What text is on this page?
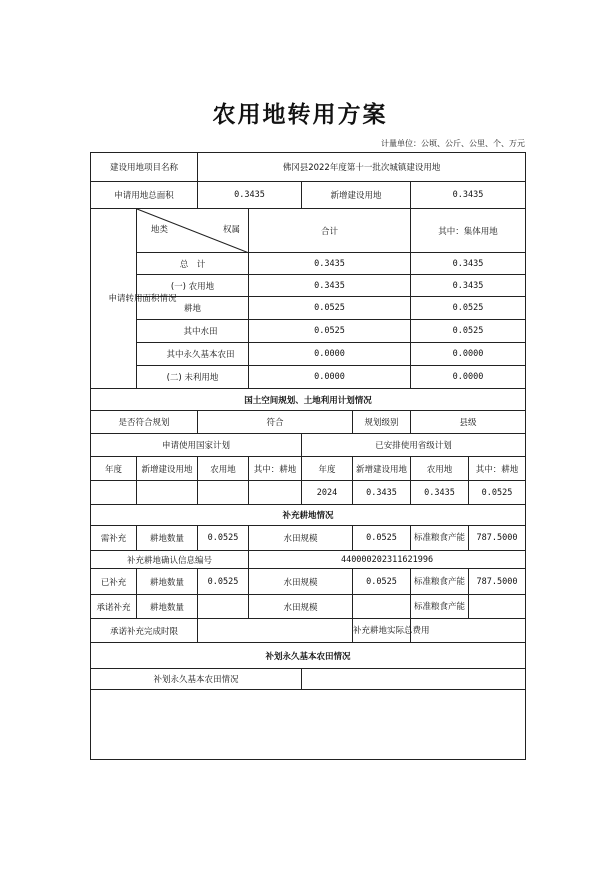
农用地转用方案
计量单位：公顷、公斤、公里、个、万元
建设用地项目名称		佛冈县2022年度第十一批次城镇建设用地					
申请用地总面积		0.3435		新增建设用地		0.3435	

申请转用面积情况	地类 权属		合计			其中：集体用地	
	总　计		0.3435			0.3435	
	(一) 农用地		0.3435			0.3435	
	耕地		0.0525			0.0525	
	其中水田		0.0525			0.0525	
	其中永久基本农田		0.0000			0.0000	
	(二) 未利用地		0.0000			0.0000	
国土空间规划、土地利用计划情况							
是否符合规划		符合			规划级别	县级	
申请使用国家计划				已安排使用省级计划			
年度	新增建设用地	农用地	其中：耕地	年度	新增建设用地	农用地	其中：耕地
				2024	0.3435	0.3435	0.0525
补充耕地情况							
需补充	耕地数量	0.0525	水田规模		0.0525	标准粮食产能	787.5000
补充耕地确认信息编号			440000202311621996				
已补充	耕地数量	0.0525	水田规模		0.0525	标准粮食产能	787.5000
承诺补充	耕地数量		水田规模			标准粮食产能	
承诺补充完成时限					补充耕地实际总费用		
补划永久基本农田情况							
补划永久基本农田情况							
